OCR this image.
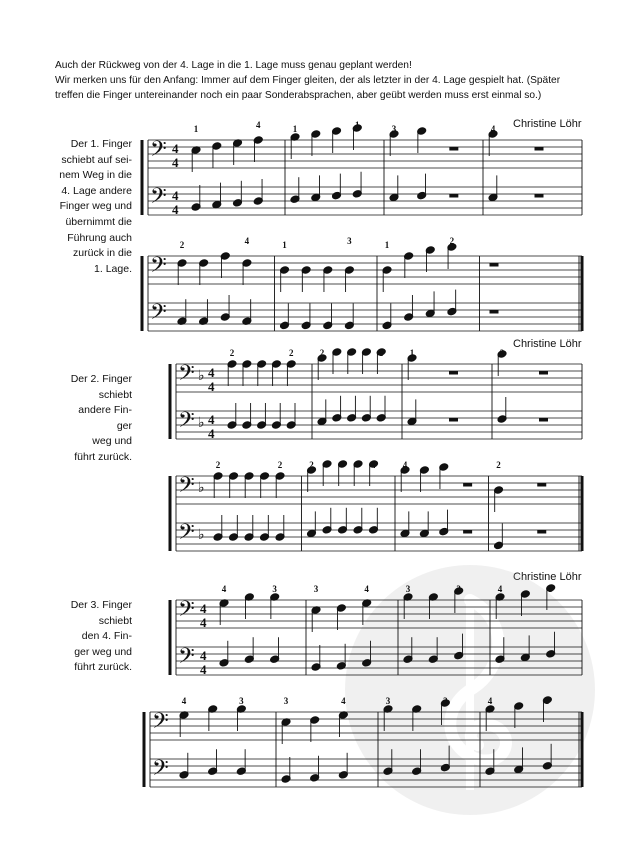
Auch der Rückweg von der 4. Lage in die 1. Lage muss genau geplant werden!

Wir merken uns für den Anfang: Immer auf dem Finger gleiten, der als letzter in der 4. Lage gespielt hat. (Später

treffen die Finger untereinander noch ein paar Sonderabsprachen, aber geübt werden muss erst einmal so.)

Christine Löhr
Christine Löhr
Christine Löhr
Der 1. Finger
schiebt auf sei-
nem Weg in die
4. Lage andere
Finger weg und
übernimmt die
Führung auch
zurück in die
1. Lage.
Der 2. Finger
schiebt
andere Fin-
ger
weg und
führt zurück.
Der 3. Finger
schiebt
den 4. Fin-
ger weg und
führt zurück.
𝄢
𝄢
4
4
4
4
1	4	1	1	3	4
𝄢
𝄢
2	4	1	3	1	2
𝄢
𝄢
♭
♭
4
4
4
4
2	2	2	1	1	2
𝄢
𝄢
♭
♭
2	2	2	4	4	2
𝄢
𝄢
4
4
4
4
4	3	3	4	3	3	4	3
𝄢
𝄢
4	3	3	4	3	3	4	3
